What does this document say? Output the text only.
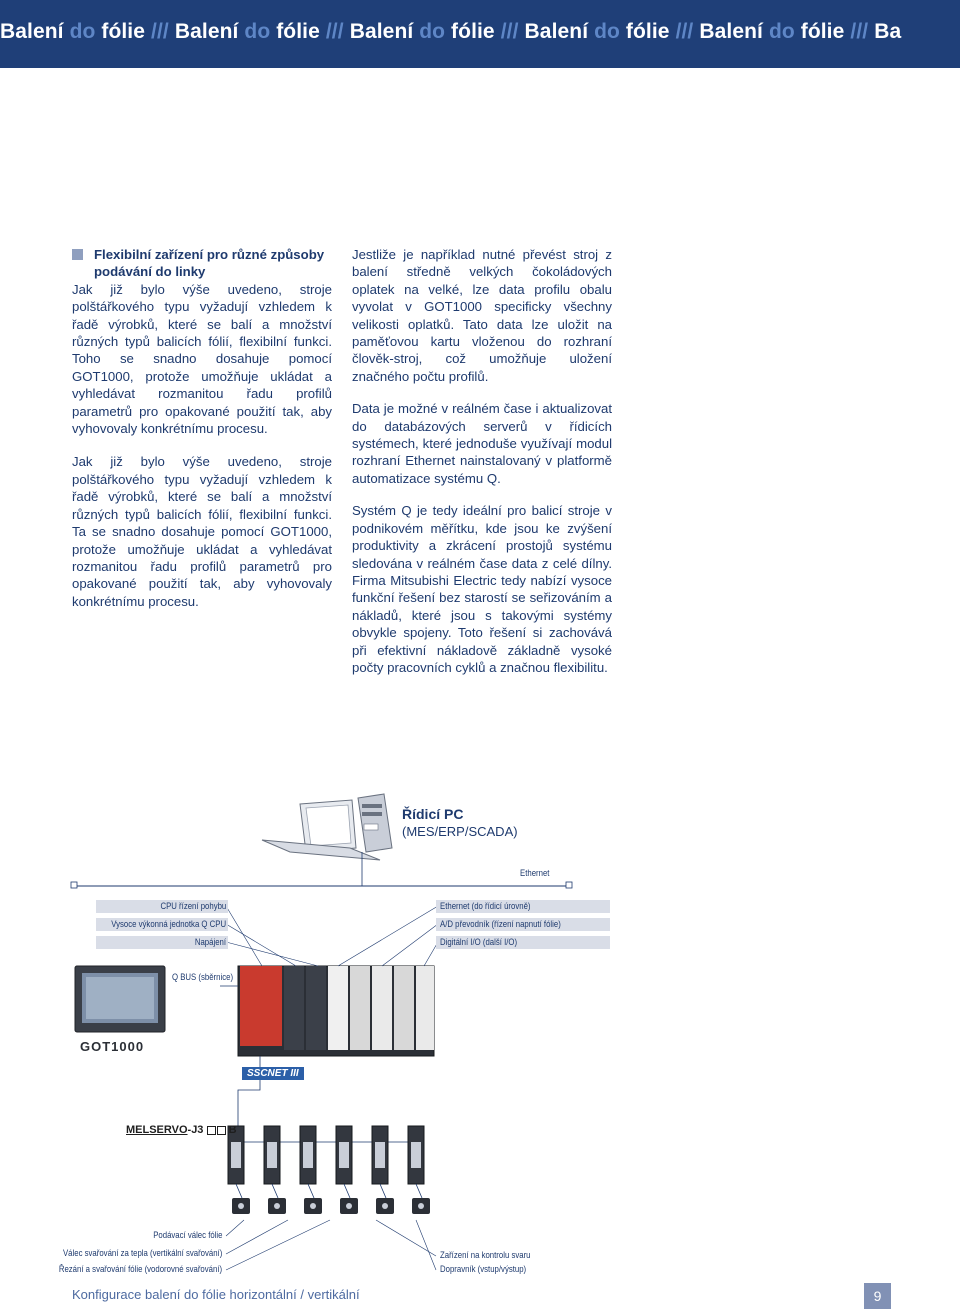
Balení do fólie /// Balení do fólie /// Balení do fólie /// Balení do fólie /// Balení do fólie /// Ba
Flexibilní zařízení pro různé způsoby podávání do linky

Jak již bylo výše uvedeno, stroje polštářkového typu vyžadují vzhledem k řadě výrobků, které se balí a množství různých typů balicích fólií, flexibilní funkci. Toho se snadno dosahuje pomocí GOT1000, protože umožňuje ukládat a vyhledávat rozmanitou řadu profilů parametrů pro opakované použití tak, aby vyhovovaly konkrétnímu procesu.

Jak již bylo výše uvedeno, stroje polštářkového typu vyžadují vzhledem k řadě výrobků, které se balí a množství různých typů balicích fólií, flexibilní funkci. Ta se snadno dosahuje pomocí GOT1000, protože umožňuje ukládat a vyhledávat rozmanitou řadu profilů parametrů pro opakované použití tak, aby vyhovovaly konkrétnímu procesu.

Jestliže je například nutné převést stroj z balení středně velkých čokoládových oplatek na velké, lze data profilu obalu vyvolat v GOT1000 specificky všechny velikosti oplatků. Tato data lze uložit na paměťovou kartu vloženou do rozhraní člověk-stroj, což umožňuje uložení značného počtu profilů.

Data je možné v reálném čase i aktualizovat do databázových serverů v řídicích systémech, které jednoduše využívají modul rozhraní Ethernet nainstalovaný v platformě automatizace systému Q.

Systém Q je tedy ideální pro balicí stroje v podnikovém měřítku, kde jsou ke zvýšení produktivity a zkrácení prostojů systému sledována v reálném čase data z celé dílny. Firma Mitsubishi Electric tedy nabízí vysoce funkční řešení bez starostí se seřizováním a nákladů, které jsou s takovými systémy obvykle spojeny. Toto řešení si zachovává při efektivní nákladově základně vysoké počty pracovních cyklů a značnou flexibilitu.

Řídicí PC
(MES/ERP/SCADA)
Ethernet
CPU řízení pohybu
Vysoce výkonná jednotka Q CPU
Napájení
Ethernet (do řídicí úrovně)
A/D převodník (řízení napnutí fólie)
Digitální I/O (další I/O)
Q BUS (sběrnice)
GOT1000
SSCNET III
MELSERVO-J3 B
Podávací válec fólie
Válec svařování za tepla (vertikální svařování)
Řezání a svařování fólie (vodorovné svařování)
Zařízení na kontrolu svaru
Dopravník (vstup/výstup)
Konfigurace balení do fólie horizontální / vertikální	9
